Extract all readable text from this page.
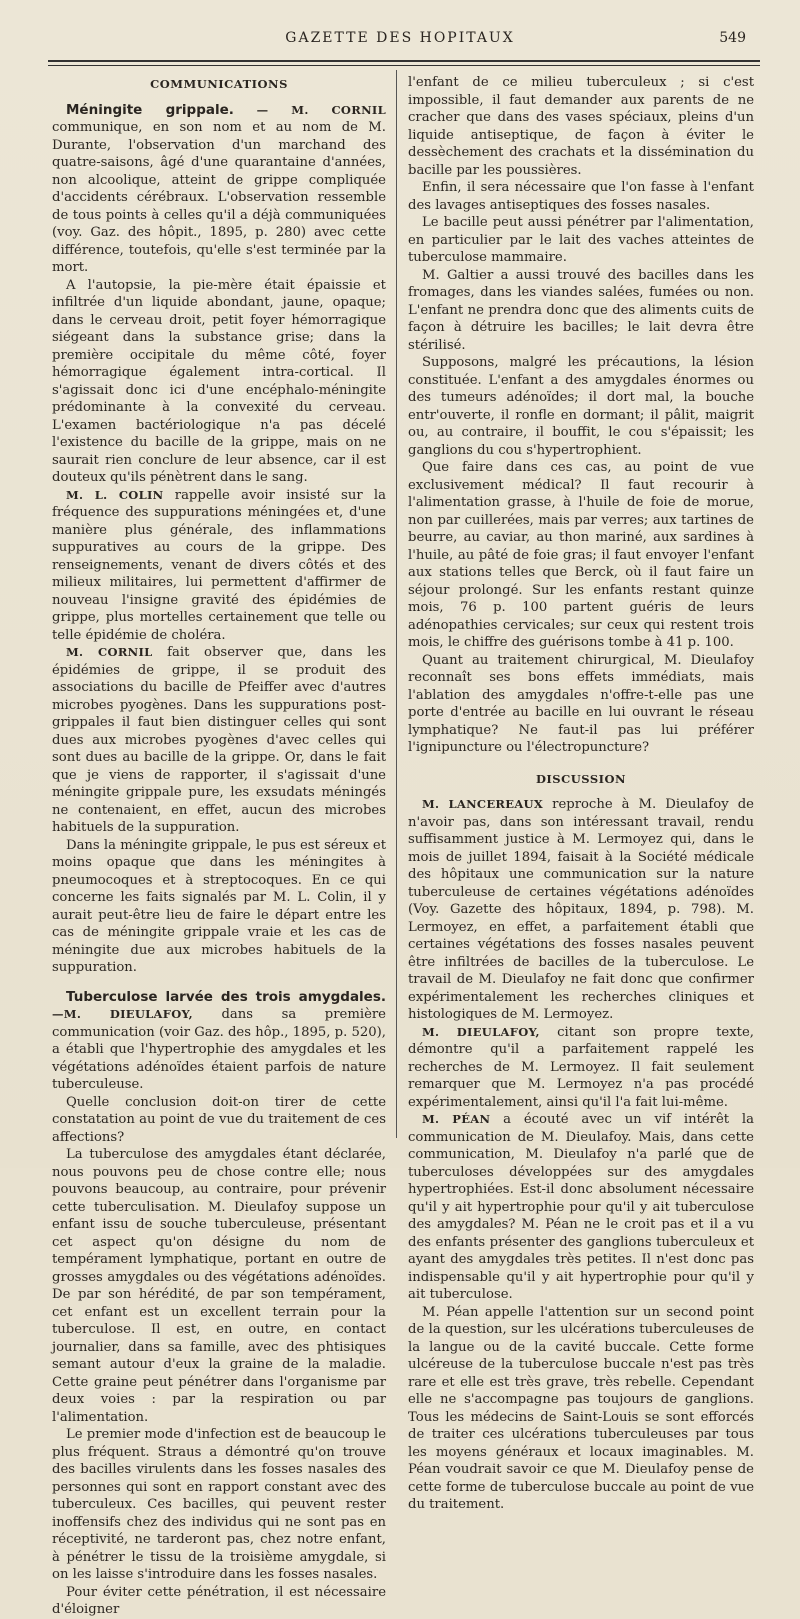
GAZETTE DES HOPITAUX	549
COMMUNICATIONS

Méningite grippale. — M. CORNIL communique, en son nom et au nom de M. Durante, l'observation d'un marchand des quatre-saisons, âgé d'une quarantaine d'années, non alcoolique, atteint de grippe compliquée d'accidents cérébraux. L'observation ressemble de tous points à celles qu'il a déjà communiquées (voy. Gaz. des hôpit., 1895, p. 280) avec cette différence, toutefois, qu'elle s'est terminée par la mort.

A l'autopsie, la pie-mère était épaissie et infiltrée d'un liquide abondant, jaune, opaque; dans le cerveau droit, petit foyer hémorragique siégeant dans la substance grise; dans la première occipitale du même côté, foyer hémorragique également intra-cortical. Il s'agissait donc ici d'une encéphalo-méningite prédominante à la convexité du cerveau. L'examen bactériologique n'a pas décelé l'existence du bacille de la grippe, mais on ne saurait rien conclure de leur absence, car il est douteux qu'ils pénètrent dans le sang.

M. L. COLIN rappelle avoir insisté sur la fréquence des suppurations méningées et, d'une manière plus générale, des inflammations suppuratives au cours de la grippe. Des renseignements, venant de divers côtés et des milieux militaires, lui permettent d'affirmer de nouveau l'insigne gravité des épidémies de grippe, plus mortelles certainement que telle ou telle épidémie de choléra.

M. CORNIL fait observer que, dans les épidémies de grippe, il se produit des associations du bacille de Pfeiffer avec d'autres microbes pyogènes. Dans les suppurations post-grippales il faut bien distinguer celles qui sont dues aux microbes pyogènes d'avec celles qui sont dues au bacille de la grippe. Or, dans le fait que je viens de rapporter, il s'agissait d'une méningite grippale pure, les exsudats méningés ne contenaient, en effet, aucun des microbes habituels de la suppuration.

Dans la méningite grippale, le pus est séreux et moins opaque que dans les méningites à pneumocoques et à streptocoques. En ce qui concerne les faits signalés par M. L. Colin, il y aurait peut-être lieu de faire le départ entre les cas de méningite grippale vraie et les cas de méningite due aux microbes habituels de la suppuration.

Tuberculose larvée des trois amygdales. —M. DIEULAFOY, dans sa première communication (voir Gaz. des hôp., 1895, p. 520), a établi que l'hypertrophie des amygdales et les végétations adénoïdes étaient parfois de nature tuberculeuse.

Quelle conclusion doit-on tirer de cette constatation au point de vue du traitement de ces affections?

La tuberculose des amygdales étant déclarée, nous pouvons peu de chose contre elle; nous pouvons beaucoup, au contraire, pour prévenir cette tuberculisation. M. Dieulafoy suppose un enfant issu de souche tuberculeuse, présentant cet aspect qu'on désigne du nom de tempérament lymphatique, portant en outre de grosses amygdales ou des végétations adénoïdes. De par son hérédité, de par son tempérament, cet enfant est un excellent terrain pour la tuberculose. Il est, en outre, en contact journalier, dans sa famille, avec des phtisiques semant autour d'eux la graine de la maladie. Cette graine peut pénétrer dans l'organisme par deux voies : par la respiration ou par l'alimentation.

Le premier mode d'infection est de beaucoup le plus fréquent. Straus a démontré qu'on trouve des bacilles virulents dans les fosses nasales des personnes qui sont en rapport constant avec des tuberculeux. Ces bacilles, qui peuvent rester inoffensifs chez des individus qui ne sont pas en réceptivité, ne tarderont pas, chez notre enfant, à pénétrer le tissu de la troisième amygdale, si on les laisse s'introduire dans les fosses nasales.

Pour éviter cette pénétration, il est nécessaire d'éloigner

l'enfant de ce milieu tuberculeux ; si c'est impossible, il faut demander aux parents de ne cracher que dans des vases spéciaux, pleins d'un liquide antiseptique, de façon à éviter le dessèchement des crachats et la dissémination du bacille par les poussières.

Enfin, il sera nécessaire que l'on fasse à l'enfant des lavages antiseptiques des fosses nasales.

Le bacille peut aussi pénétrer par l'alimentation, en particulier par le lait des vaches atteintes de tuberculose mammaire.

M. Galtier a aussi trouvé des bacilles dans les fromages, dans les viandes salées, fumées ou non. L'enfant ne prendra donc que des aliments cuits de façon à détruire les bacilles; le lait devra être stérilisé.

Supposons, malgré les précautions, la lésion constituée. L'enfant a des amygdales énormes ou des tumeurs adénoïdes; il dort mal, la bouche entr'ouverte, il ronfle en dormant; il pâlit, maigrit ou, au contraire, il bouffit, le cou s'épaissit; les ganglions du cou s'hypertrophient.

Que faire dans ces cas, au point de vue exclusivement médical? Il faut recourir à l'alimentation grasse, à l'huile de foie de morue, non par cuillerées, mais par verres; aux tartines de beurre, au caviar, au thon mariné, aux sardines à l'huile, au pâté de foie gras; il faut envoyer l'enfant aux stations telles que Berck, où il faut faire un séjour prolongé. Sur les enfants restant quinze mois, 76 p. 100 partent guéris de leurs adénopathies cervicales; sur ceux qui restent trois mois, le chiffre des guérisons tombe à 41 p. 100.

Quant au traitement chirurgical, M. Dieulafoy reconnaît ses bons effets immédiats, mais l'ablation des amygdales n'offre-t-elle pas une porte d'entrée au bacille en lui ouvrant le réseau lymphatique? Ne faut-il pas lui préférer l'ignipuncture ou l'électropuncture?

DISCUSSION

M. LANCEREAUX reproche à M. Dieulafoy de n'avoir pas, dans son intéressant travail, rendu suffisamment justice à M. Lermoyez qui, dans le mois de juillet 1894, faisait à la Société médicale des hôpitaux une communication sur la nature tuberculeuse de certaines végétations adénoïdes (Voy. Gazette des hôpitaux, 1894, p. 798). M. Lermoyez, en effet, a parfaitement établi que certaines végétations des fosses nasales peuvent être infiltrées de bacilles de la tuberculose. Le travail de M. Dieulafoy ne fait donc que confirmer expérimentalement les recherches cliniques et histologiques de M. Lermoyez.

M. DIEULAFOY, citant son propre texte, démontre qu'il a parfaitement rappelé les recherches de M. Lermoyez. Il fait seulement remarquer que M. Lermoyez n'a pas procédé expérimentalement, ainsi qu'il l'a fait lui-même.

M. PÉAN a écouté avec un vif intérêt la communication de M. Dieulafoy. Mais, dans cette communication, M. Dieulafoy n'a parlé que de tuberculoses développées sur des amygdales hypertrophiées. Est-il donc absolument nécessaire qu'il y ait hypertrophie pour qu'il y ait tuberculose des amygdales? M. Péan ne le croit pas et il a vu des enfants présenter des ganglions tuberculeux et ayant des amygdales très petites. Il n'est donc pas indispensable qu'il y ait hypertrophie pour qu'il y ait tuberculose.

M. Péan appelle l'attention sur un second point de la question, sur les ulcérations tuberculeuses de la langue ou de la cavité buccale. Cette forme ulcéreuse de la tuberculose buccale n'est pas très rare et elle est très grave, très rebelle. Cependant elle ne s'accompagne pas toujours de ganglions. Tous les médecins de Saint-Louis se sont efforcés de traiter ces ulcérations tuberculeuses par tous les moyens généraux et locaux imaginables. M. Péan voudrait savoir ce que M. Dieulafoy pense de cette forme de tuberculose buccale au point de vue du traitement.
